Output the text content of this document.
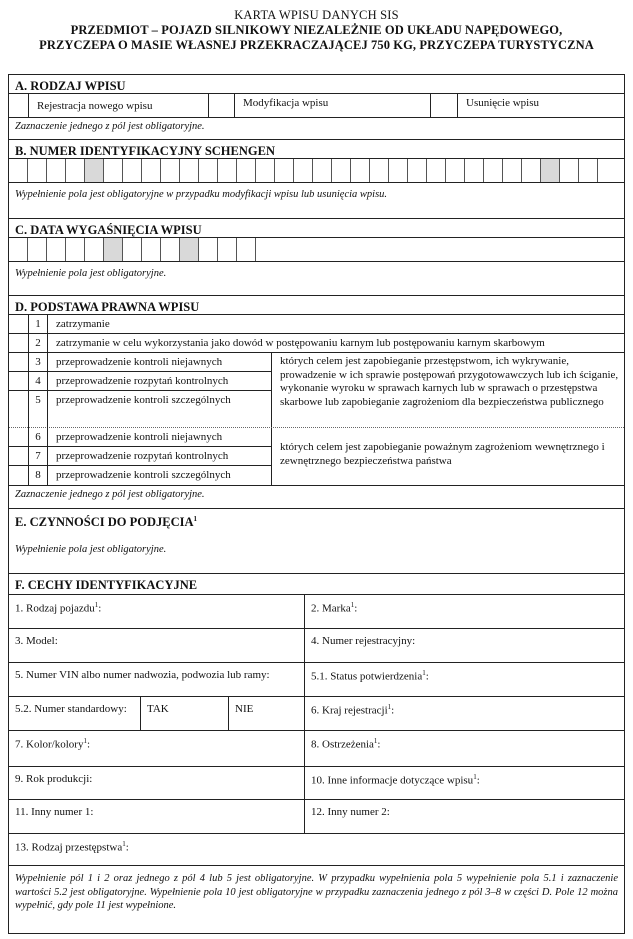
KARTA WPISU DANYCH SIS
PRZEDMIOT – POJAZD SILNIKOWY NIEZALEŻNIE OD UKŁADU NAPĘDOWEGO,
PRZYCZEPA O MASIE WŁASNEJ PRZEKRACZAJĄCEJ 750 KG, PRZYCZEPA TURYSTYCZNA
A. RODZAJ WPISU
Rejestracja nowego wpisu	Modyfikacja wpisu	Usunięcie wpisu
Zaznaczenie jednego z pól jest obligatoryjne.
B. NUMER IDENTYFIKACYJNY SCHENGEN
Wypełnienie pola jest obligatoryjne w przypadku modyfikacji wpisu lub usunięcia wpisu.
C. DATA WYGAŚNIĘCIA WPISU
Wypełnienie pola jest obligatoryjne.
D. PODSTAWA PRAWNA WPISU
1	zatrzymanie
2	zatrzymanie w celu wykorzystania jako dowód w postępowaniu karnym lub postępowaniu karnym skarbowym
3	przeprowadzenie kontroli niejawnych
4	przeprowadzenie rozpytań kontrolnych
5	przeprowadzenie kontroli szczególnych
których celem jest zapobieganie przestępstwom, ich wykrywanie, prowadzenie w ich sprawie postępowań przygotowawczych lub ich ściganie, wykonanie wyroku w sprawach karnych lub w sprawach o przestępstwa skarbowe lub zapobieganie zagrożeniom dla bezpieczeństwa publicznego
6	przeprowadzenie kontroli niejawnych
7	przeprowadzenie rozpytań kontrolnych
8	przeprowadzenie kontroli szczególnych
których celem jest zapobieganie poważnym zagrożeniom wewnętrznego i zewnętrznego bezpieczeństwa państwa
Zaznaczenie jednego z pól jest obligatoryjne.
E. CZYNNOŚCI DO PODJĘCIA$^1$
Wypełnienie pola jest obligatoryjne.
F. CECHY IDENTYFIKACYJNE
1. Rodzaj pojazdu$^1$:	2. Marka$^1$:
3. Model:	4. Numer rejestracyjny:
5. Numer VIN albo numer nadwozia, podwozia lub ramy:	5.1. Status potwierdzenia$^1$:
5.2. Numer standardowy:	TAK	NIE	6. Kraj rejestracji$^1$:
7. Kolor/kolory$^1$:	8. Ostrzeżenia$^1$:
9. Rok produkcji:	10. Inne informacje dotyczące wpisu$^1$:
11. Inny numer 1:	12. Inny numer 2:
13. Rodzaj przestępstwa$^1$:
Wypełnienie pól 1 i 2 oraz jednego z pól 4 lub 5 jest obligatoryjne. W przypadku wypełnienia pola 5 wypełnienie pola 5.1 i zaznaczenie wartości 5.2 jest obligatoryjne. Wypełnienie pola 10 jest obligatoryjne w przypadku zaznaczenia jednego z pól 3–8 w części D. Pole 12 można wypełnić, gdy pole 11 jest wypełnione.
